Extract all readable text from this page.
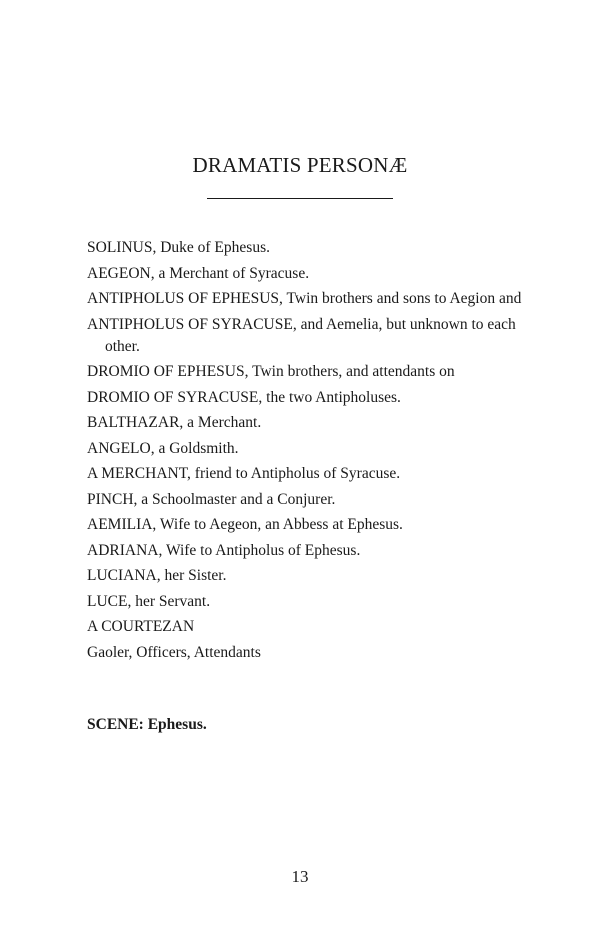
DRAMATIS PERSONÆ
SOLINUS, Duke of Ephesus.
AEGEON, a Merchant of Syracuse.
ANTIPHOLUS OF EPHESUS, Twin brothers and sons to Aegion and
ANTIPHOLUS OF SYRACUSE, and Aemelia, but unknown to each other.
DROMIO OF EPHESUS, Twin brothers, and attendants on
DROMIO OF SYRACUSE, the two Antipholuses.
BALTHAZAR, a Merchant.
ANGELO, a Goldsmith.
A MERCHANT, friend to Antipholus of Syracuse.
PINCH, a Schoolmaster and a Conjurer.
AEMILIA, Wife to Aegeon, an Abbess at Ephesus.
ADRIANA, Wife to Antipholus of Ephesus.
LUCIANA, her Sister.
LUCE, her Servant.
A COURTEZAN
Gaoler, Officers, Attendants
SCENE: Ephesus.
13
